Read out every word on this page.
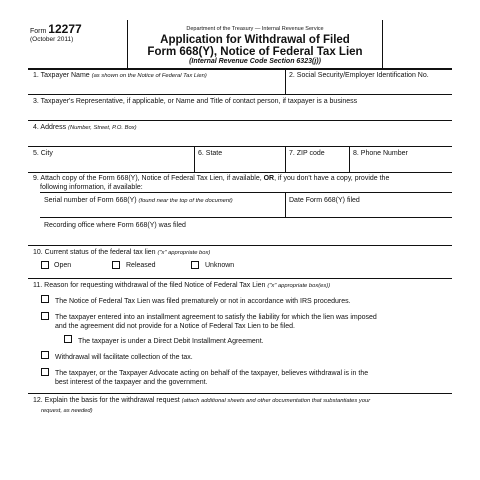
Form 12277
(October 2011)
Department of the Treasury — Internal Revenue Service
Application for Withdrawal of Filed
Form 668(Y), Notice of Federal Tax Lien
(Internal Revenue Code Section 6323(j))
1. Taxpayer Name (as shown on the Notice of Federal Tax Lien)	2. Social Security/Employer Identification No.
3. Taxpayer's Representative, if applicable, or Name and Title of contact person, if taxpayer is a business
4. Address (Number, Street, P.O. Box)
5. City	6. State	7. ZIP code	8. Phone Number
9. Attach copy of the Form 668(Y), Notice of Federal Tax Lien, if available, OR, if you don't have a copy, provide the
following information, if available:
Serial number of Form 668(Y) (found near the top of the document)	Date Form 668(Y) filed
Recording office where Form 668(Y) was filed
10. Current status of the federal tax lien ("x" appropriate box)
Open	Released	Unknown
11. Reason for requesting withdrawal of the filed Notice of Federal Tax Lien ("x" appropriate box(es))
The Notice of Federal Tax Lien was filed prematurely or not in accordance with IRS procedures.
The taxpayer entered into an installment agreement to satisfy the liability for which the lien was imposed
and the agreement did not provide for a Notice of Federal Tax Lien to be filed.
The taxpayer is under a Direct Debit Installment Agreement.
Withdrawal will facilitate collection of the tax.
The taxpayer, or the Taxpayer Advocate acting on behalf of the taxpayer, believes withdrawal is in the
best interest of the taxpayer and the government.
12. Explain the basis for the withdrawal request (attach additional sheets and other documentation that substantiates your
request, as needed)
